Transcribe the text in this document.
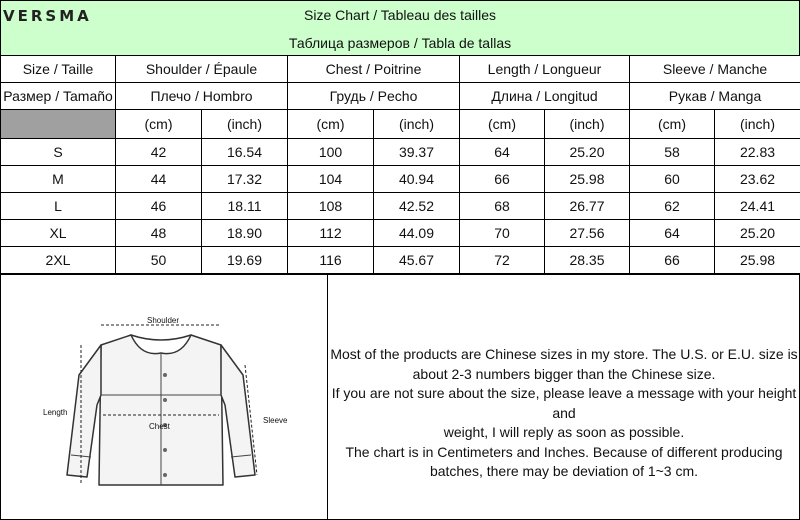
VERSMA	Size Chart / Tableau des tailles
Таблица размеров / Tabla de tallas
Size / Taille	Shoulder / Épaule		Chest / Poitrine		Length / Longueur		Sleeve / Manche	
Размер / Tamaño	Плечо / Hombro		Грудь / Pecho		Длина / Longitud		Рукав / Manga	
	(cm)	(inch)	(cm)	(inch)	(cm)	(inch)	(cm)	(inch)
S	42	16.54	100	39.37	64	25.20	58	22.83
M	44	17.32	104	40.94	66	25.98	60	23.62
L	46	18.11	108	42.52	68	26.77	62	24.41
XL	48	18.90	112	44.09	70	27.56	64	25.20
2XL	50	19.69	116	45.67	72	28.35	66	25.98
Shoulder
Chest
Length
Sleeve
Most of the products are Chinese sizes in my store. The U.S. or E.U. size is
about 2-3 numbers bigger than the Chinese size.
If you are not sure about the size, please leave a message with your height and
weight, I will reply as soon as possible.
The chart is in Centimeters and Inches. Because of different producing
batches, there may be deviation of 1~3 cm.
